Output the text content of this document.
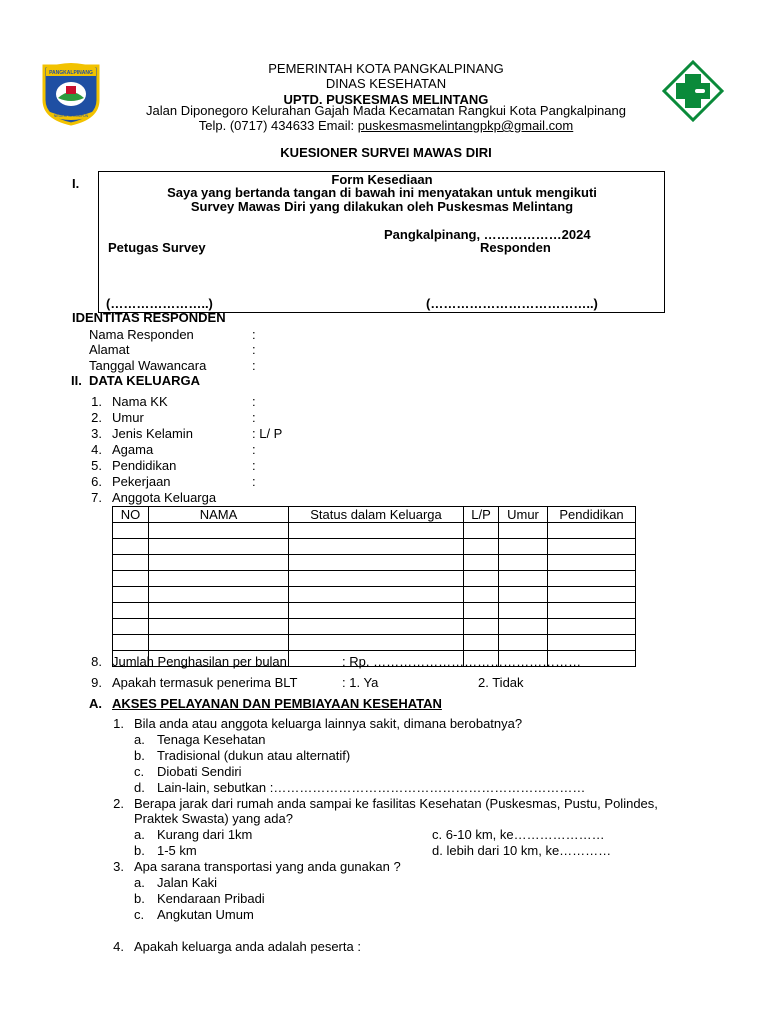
PANGKALPINANG
NEGERI SERUMPUN
PEMERINTAH KOTA PANGKALPINANG
DINAS KESEHATAN
UPTD. PUSKESMAS MELINTANG
Jalan Diponegoro Kelurahan Gajah Mada Kecamatan Rangkui Kota Pangkalpinang
Telp. (0717) 434633 Email: puskesmasmelintangpkp@gmail.com
KUESIONER SURVEI MAWAS DIRI
I.	Form Kesediaan
Saya yang bertanda tangan di bawah ini menyatakan untuk mengikuti
Survey Mawas Diri yang dilakukan oleh Puskesmas Melintang
Pangkalpinang, ………………2024
Petugas Survey	Responden
(…………………..)	(………………………………..)
IDENTITAS RESPONDEN
Nama Responden	:
Alamat	:
Tanggal Wawancara	:
II. DATA KELUARGA
1. Nama KK	:
2. Umur	:
3. Jenis Kelamin	: L/ P
4. Agama	:
5. Pendidikan	:
6. Pekerjaan	:
7. Anggota Keluarga
NO	NAMA	Status dalam Keluarga	L/P	Umur	Pendidikan

8. Jumlah Penghasilan per bulan	: Rp. …………………………………………
9. Apakah termasuk penerima BLT	: 1. Ya	2. Tidak
A. AKSES PELAYANAN DAN PEMBIAYAAN KESEHATAN
1. Bila anda atau anggota keluarga lainnya sakit, dimana berobatnya?
a. Tenaga Kesehatan
b. Tradisional (dukun atau alternatif)
c. Diobati Sendiri
d. Lain-lain, sebutkan :………………………………………………………………
2. Berapa jarak dari rumah anda sampai ke fasilitas Kesehatan (Puskesmas, Pustu, Polindes,
Praktek Swasta) yang ada?
a. Kurang dari 1km	c. 6-10 km, ke…………………
b. 1-5 km	d. lebih dari 10 km, ke…………
3. Apa sarana transportasi yang anda gunakan ?
a. Jalan Kaki
b. Kendaraan Pribadi
c. Angkutan Umum
4. Apakah keluarga anda adalah peserta :
